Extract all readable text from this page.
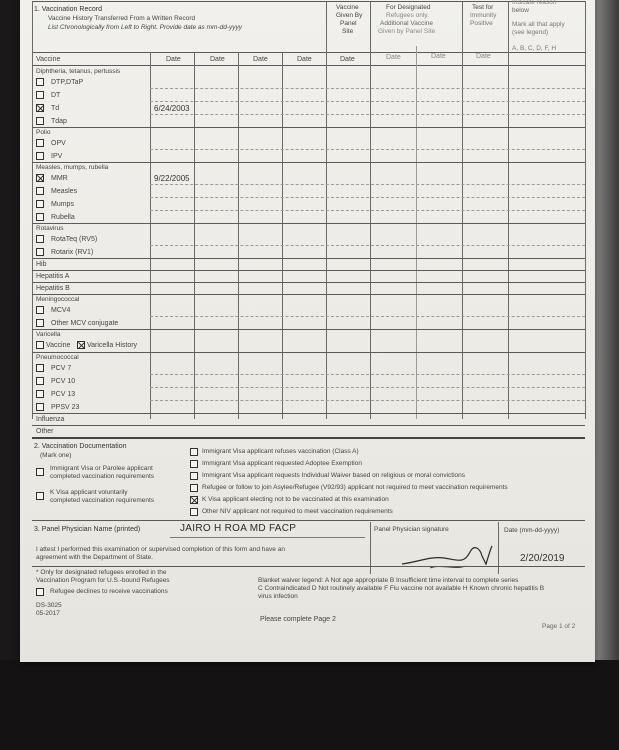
1. Vaccination Record
Vaccine History Transferred From a Written Record
List Chronologically from Left to Right. Provide date as mm-dd-yyyy
Vaccine
Given By
Panel
Site
For Designated
Refugees only.
Additional Vaccine
Given by Panel Site
Test for
Immunity
Positive
Indicate reason
below
Mark all that apply
(see legend)
A, B, C, D, F, H
Vaccine	Date	Date	Date	Date	Date	Date	Date	Date
Diphtheria, tetanus, pertussis
DTP,DTaP
DT
Td	6/24/2003
Tdap
Polio
OPV
IPV
Measles, mumps, rubella
MMR	9/22/2005
Measles
Mumps
Rubella
Rotavirus
RotaTeq (RV5)
Rotarix (RV1)
Hib
Hepatitis A
Hepatitis B
Meningococcal
MCV4
Other MCV conjugate
Varicella
Vaccine Varicella History
Pneumococcal
PCV 7
PCV 10
PCV 13
PPSV 23
Influenza
Other
2. Vaccination Documentation
(Mark one)
Immigrant Visa or Parolee applicant
completed vaccination requirements
K Visa applicant voluntarily
completed vaccination requirements
Immigrant Visa applicant refuses vaccination (Class A)
Immigrant Visa applicant requested Adoptee Exemption
Immigrant Visa applicant requests Individual Waiver based on religious or moral convictions
Refugee or follow to join Asylee/Refugee (V92/93) applicant not required to meet vaccination requirements
K Visa applicant electing not to be vaccinated at this examination
Other NIV applicant not required to meet vaccination requirements
3. Panel Physician Name (printed)	JAIRO H ROA MD FACP	Panel Physician signature	Date (mm-dd-yyyy)
2/20/2019
I attest I performed this examination or supervised completion of this form and have an
agreement with the Department of State.
* Only for designated refugees enrolled in the
Vaccination Program for U.S.-bound Refugees
Refugee declines to receive vaccinations
Blanket waiver legend: A Not age appropriate B Insufficient time interval to complete series
C Contraindicated D Not routinely available F Flu vaccine not available H Known chronic hepatitis B
virus infection
DS-3025
05-2017
Please complete Page 2
Page 1 of 2
